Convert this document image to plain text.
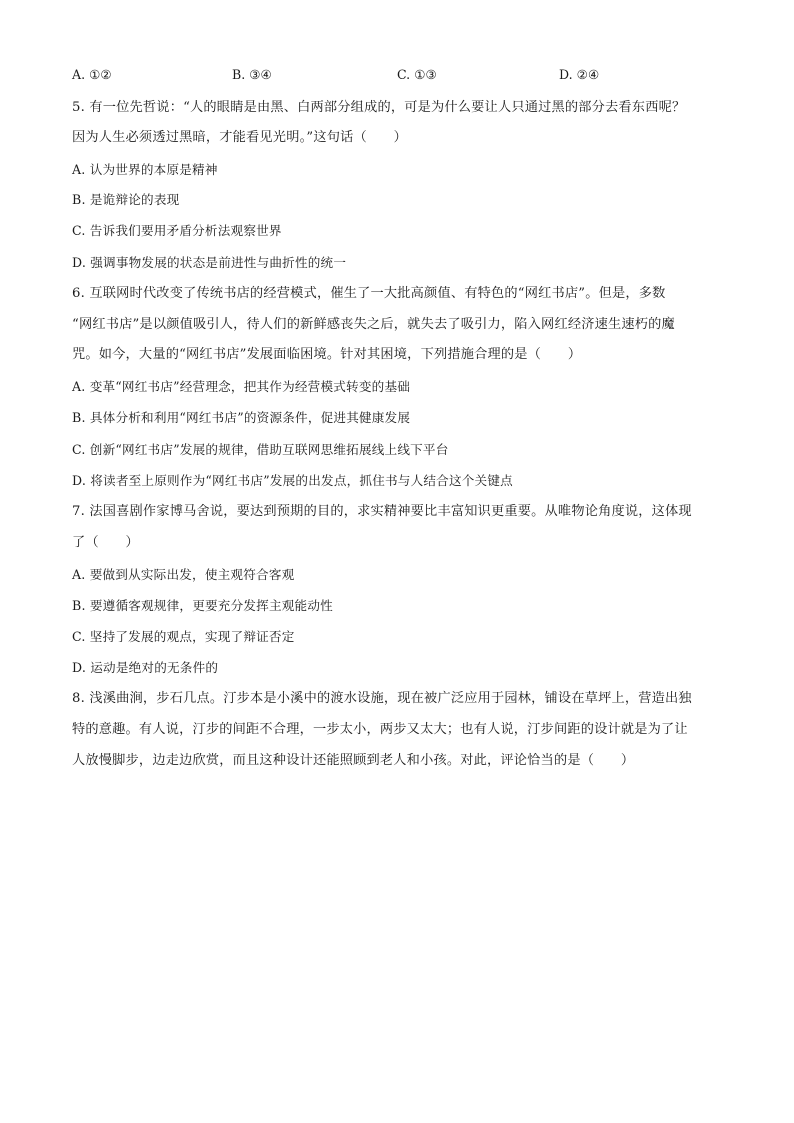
A. ①②	B. ③④	C. ①③	D. ②④
5. 有一位先哲说：“人的眼睛是由黑、白两部分组成的，可是为什么要让人只通过黑的部分去看东西呢？
因为人生必须透过黑暗，才能看见光明。”这句话（　　）
A. 认为世界的本原是精神
B. 是诡辩论的表现
C. 告诉我们要用矛盾分析法观察世界
D. 强调事物发展的状态是前进性与曲折性的统一
6. 互联网时代改变了传统书店的经营模式，催生了一大批高颜值、有特色的“网红书店”。但是，多数
“网红书店”是以颜值吸引人，待人们的新鲜感丧失之后，就失去了吸引力，陷入网红经济速生速朽的魔
咒。如今，大量的“网红书店”发展面临困境。针对其困境，下列措施合理的是（　　）
A. 变革“网红书店”经营理念，把其作为经营模式转变的基础
B. 具体分析和利用“网红书店”的资源条件，促进其健康发展
C. 创新“网红书店”发展的规律，借助互联网思维拓展线上线下平台
D. 将读者至上原则作为“网红书店”发展的出发点，抓住书与人结合这个关键点
7. 法国喜剧作家博马舍说，要达到预期的目的，求实精神要比丰富知识更重要。从唯物论角度说，这体现
了（　　）
A. 要做到从实际出发，使主观符合客观
B. 要遵循客观规律，更要充分发挥主观能动性
C. 坚持了发展的观点，实现了辩证否定
D. 运动是绝对的无条件的
8. 浅溪曲涧，步石几点。汀步本是小溪中的渡水设施，现在被广泛应用于园林，铺设在草坪上，营造出独
特的意趣。有人说，汀步的间距不合理，一步太小，两步又太大；也有人说，汀步间距的设计就是为了让
人放慢脚步，边走边欣赏，而且这种设计还能照顾到老人和小孩。对此，评论恰当的是（　　）
